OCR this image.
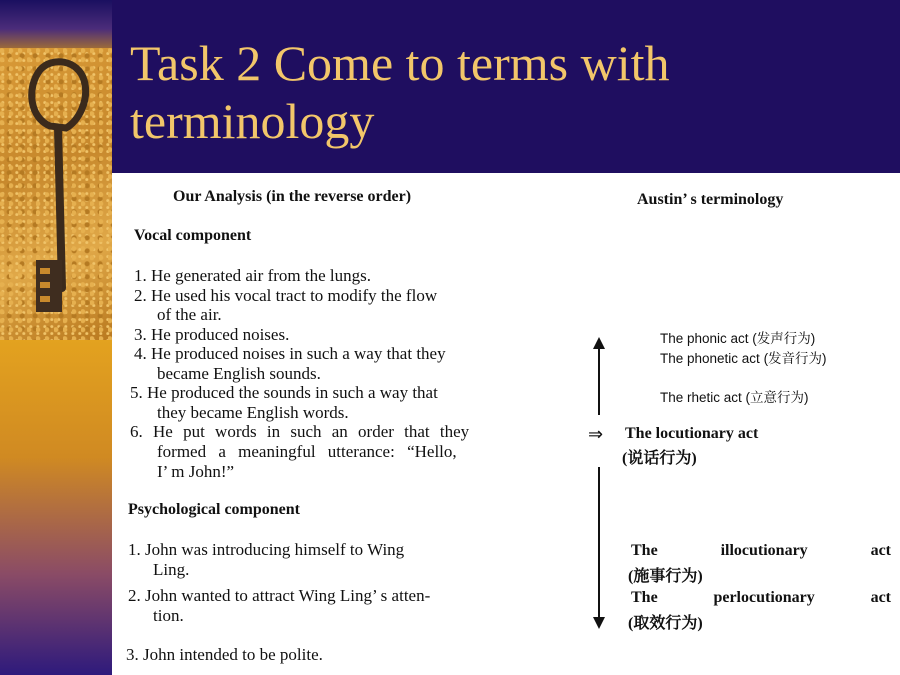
Task 2 Come to terms with terminology
Our Analysis (in the reverse order)
Vocal component
1. He generated air from the lungs.
2. He used his vocal tract to modify the flow
of the air.
3. He produced noises.
4. He produced noises in such a way that they
became English sounds.
5. He produced the sounds in such a way that
they became English words.
6. He put words in such an order that they
formed a meaningful utterance: “Hello,
I’ m John!”
Psychological component
1. John was introducing himself to Wing
Ling.
2. John wanted to attract Wing Ling’ s atten-
tion.
3. John intended to be polite.
Austin’ s terminology
The phonic act (发声行为)
The phonetic act (发音行为)
The rhetic act (立意行为)
⇒ The locutionary act
(说话行为)
The	illocutionary	act
(施事行为)
The	perlocutionary	act
(取效行为)
